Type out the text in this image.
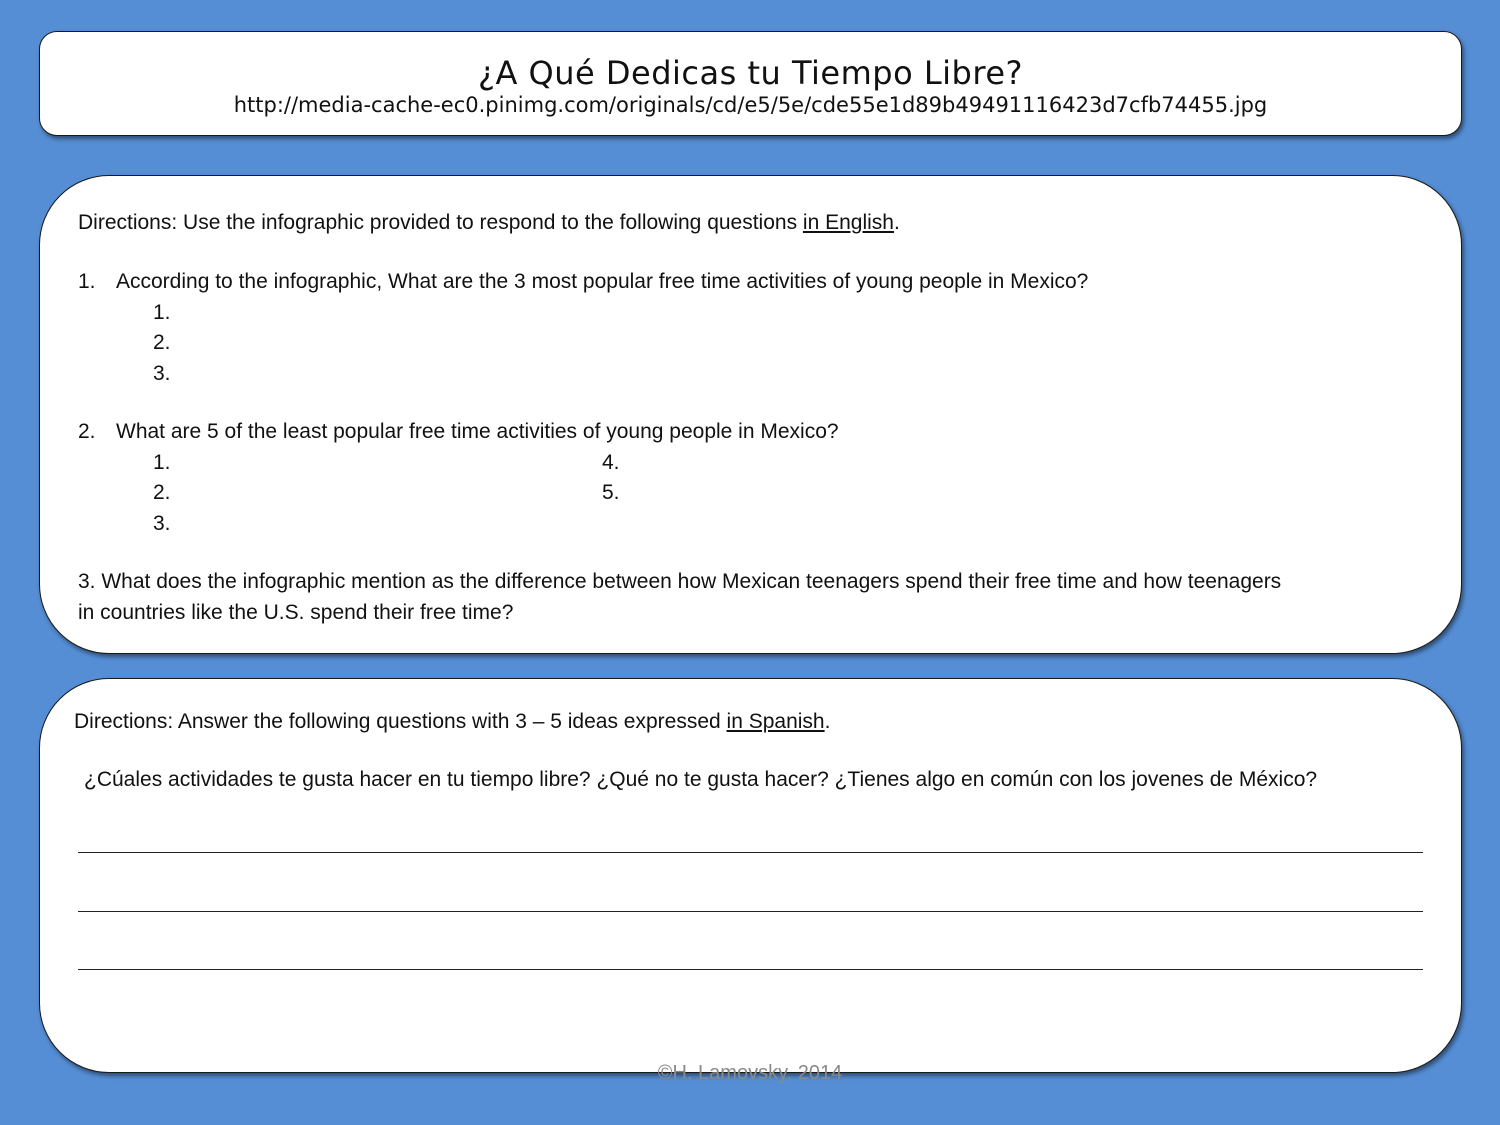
¿A Qué Dedicas tu Tiempo Libre?
http://media-cache-ec0.pinimg.com/originals/cd/e5/5e/cde55e1d89b49491116423d7cfb74455.jpg
Directions: Use the infographic provided to respond to the following questions in English.
1. According to the infographic, What are the 3 most popular free time activities of young people in Mexico?
1.
2.
3.
2. What are 5 of the least popular free time activities of young people in Mexico?
1.
2.
3.
4.
5.
3. What does the infographic mention as the difference between how Mexican teenagers spend their free time and how teenagers
in countries like the U.S. spend their free time?
Directions: Answer the following questions with 3 – 5 ideas expressed in Spanish.
¿Cúales actividades te gusta hacer en tu tiempo libre? ¿Qué no te gusta hacer? ¿Tienes algo en común con los jovenes de México?
©H. Lamovsky, 2014
